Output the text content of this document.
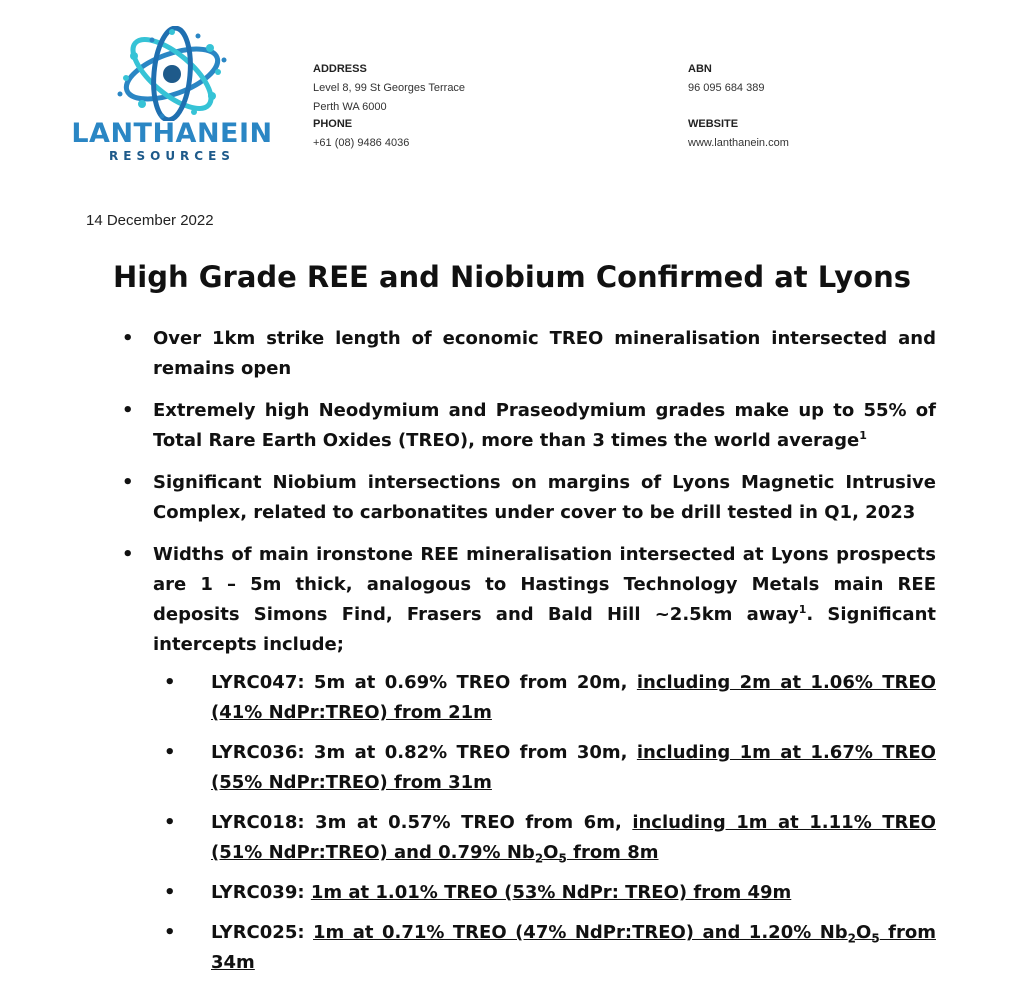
LANTHANEIN
RESOURCES
ADDRESS
Level 8, 99 St Georges Terrace
Perth WA 6000
PHONE
+61 (08) 9486 4036
ABN
96 095 684 389
WEBSITE
www.lanthanein.com
14 December 2022
High Grade REE and Niobium Confirmed at Lyons
• Over 1km strike length of economic TREO mineralisation intersected and remains open
• Extremely high Neodymium and Praseodymium grades make up to 55% of Total Rare Earth Oxides (TREO), more than 3 times the world average$^1$
• Significant Niobium intersections on margins of Lyons Magnetic Intrusive Complex, related to carbonatites under cover to be drill tested in Q1, 2023
• Widths of main ironstone REE mineralisation intersected at Lyons prospects are 1 – 5m thick, analogous to Hastings Technology Metals main REE deposits Simons Find, Frasers and Bald Hill ~2.5km away$^1$. Significant intercepts include;
• LYRC047: 5m at 0.69% TREO from 20m, including 2m at 1.06% TREO (41% NdPr:TREO) from 21m
• LYRC036: 3m at 0.82% TREO from 30m, including 1m at 1.67% TREO (55% NdPr:TREO) from 31m
• LYRC018: 3m at 0.57% TREO from 6m, including 1m at 1.11% TREO (51% NdPr:TREO) and 0.79% $Nb_2O_5$ from 8m
• LYRC039: 1m at 1.01% TREO (53% NdPr: TREO) from 49m
• LYRC025: 1m at 0.71% TREO (47% NdPr:TREO) and 1.20% $Nb_2O_5$ from 34m
